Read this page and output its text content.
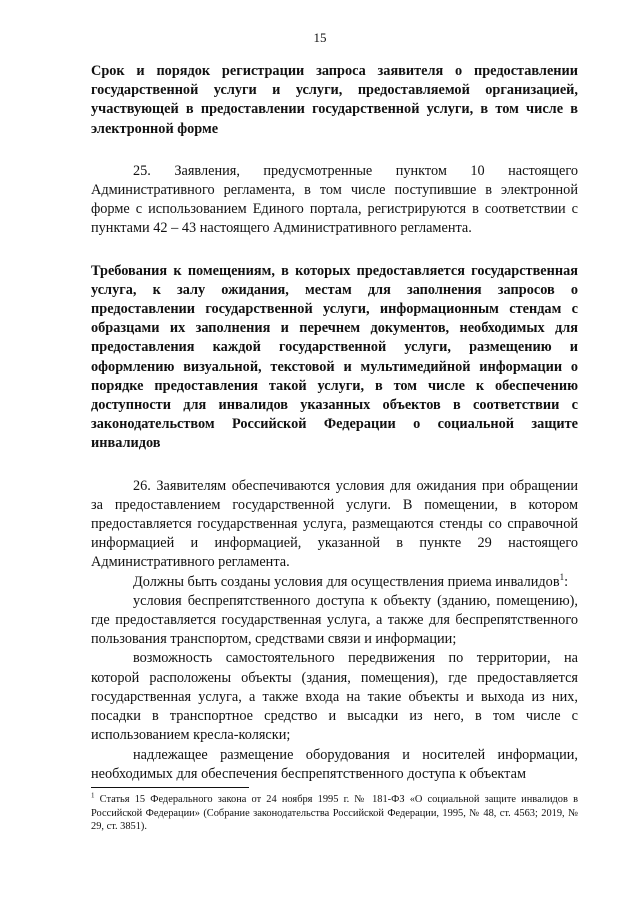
15

Срок и порядок регистрации запроса заявителя о предоставлении государственной услуги и услуги, предоставляемой организацией, участвующей в предоставлении государственной услуги, в том числе в электронной форме

25. Заявления, предусмотренные пунктом 10 настоящего Административного регламента, в том числе поступившие в электронной форме с использованием Единого портала, регистрируются в соответствии с пунктами 42 – 43 настоящего Административного регламента.

Требования к помещениям, в которых предоставляется государственная услуга, к залу ожидания, местам для заполнения запросов о предоставлении государственной услуги, информационным стендам с образцами их заполнения и перечнем документов, необходимых для предоставления каждой государственной услуги, размещению и оформлению визуальной, текстовой и мультимедийной информации о порядке предоставления такой услуги, в том числе к обеспечению доступности для инвалидов указанных объектов в соответствии с законодательством Российской Федерации о социальной защите инвалидов

26. Заявителям обеспечиваются условия для ожидания при обращении за предоставлением государственной услуги. В помещении, в котором предоставляется государственная услуга, размещаются стенды со справочной информацией и информацией, указанной в пункте 29 настоящего Административного регламента.

Должны быть созданы условия для осуществления приема инвалидов$^1$:

условия беспрепятственного доступа к объекту (зданию, помещению), где предоставляется государственная услуга, а также для беспрепятственного пользования транспортом, средствами связи и информации;

возможность самостоятельного передвижения по территории, на которой расположены объекты (здания, помещения), где предоставляется государственная услуга, а также входа на такие объекты и выхода из них, посадки в транспортное средство и высадки из него, в том числе с использованием кресла-коляски;

надлежащее размещение оборудования и носителей информации, необходимых для обеспечения беспрепятственного доступа к объектам

$^1$ Статья 15 Федерального закона от 24 ноября 1995 г. № 181-ФЗ «О социальной защите инвалидов в Российской Федерации» (Собрание законодательства Российской Федерации, 1995, № 48, ст. 4563; 2019, № 29, ст. 3851).
